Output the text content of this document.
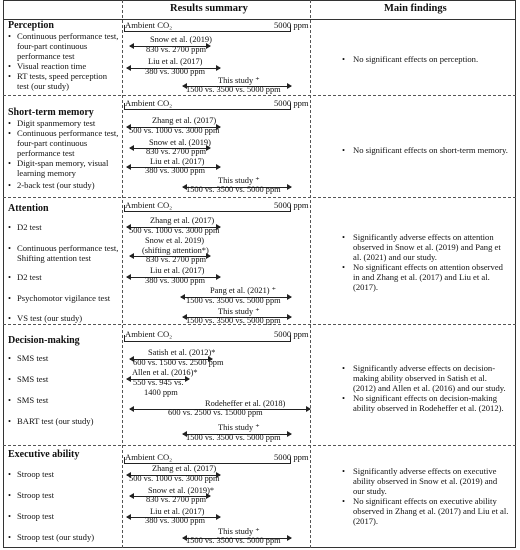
Results summary	Main findings
Perception
• Continuous performance test, four-part continuous performance test
• Visual reaction time
• RT tests, speed perception test (our study)
Ambient CO₂	5000 ppm
Snow et al. (2019)
830 vs. 2700 ppm
Liu et al. (2017)
380 vs. 3000 ppm
This study ⁺
1500 vs. 3500 vs. 5000 ppm
• No significant effects on perception.
Short-term memory
• Digit spanmemory test
• Continuous performance test, four-part continuous performance test
• Digit-span memory, visual learning memory
• 2-back test (our study)
Ambient CO₂	5000 ppm
Zhang et al. (2017)
500 vs. 1000 vs. 3000 ppm
Snow et al. (2019)
830 vs. 2700 ppm
Liu et al. (2017)
380 vs. 3000 ppm
This study ⁺
1500 vs. 3500 vs. 5000 ppm
• No significant effects on short-term memory.
Attention
• D2 test
• Continuous performance test, Shifting attention test
• D2 test
• Psychomotor vigilance test
• VS test (our study)
Ambient CO₂	5000 ppm
Zhang et al. (2017)
500 vs. 1000 vs. 3000 ppm
Snow et al. 2019)
(shifting attention*)
830 vs. 2700 ppm
Liu et al. (2017)
380 vs. 3000 ppm
Pang et al. (2021) ⁺
1500 vs. 3500 vs. 5000 ppm
This study ⁺
1500 vs. 3500 vs. 5000 ppm
• Significantly adverse effects on attention observed in Snow et al. (2019) and Pang et al. (2021) and our study.
• No significant effects on attention observed in and Zhang et al. (2017) and Liu et al. (2017).
Decision-making
• SMS test
• SMS test
• SMS test
• BART test (our study)
Ambient CO₂	5000 ppm
Satish et al. (2012)*
600 vs. 1500 vs. 2500 ppm
Allen et al. (2016)*
550 vs. 945 vs.
1400 ppm
Rodeheffer et al. (2018)
600 vs. 2500 vs. 15000 ppm
This study ⁺
1500 vs. 3500 vs. 5000 ppm
• Significantly adverse effects on decision-making ability observed in Satish et al. (2012) and Allen et al. (2016) and our study.
• No significant effects on decision-making ability observed in Rodeheffer et al. (2012).
Executive ability
• Stroop test
• Stroop test
• Stroop test
• Stroop test (our study)
Ambient CO₂	5000 ppm
Zhang et al. (2017)
500 vs. 1000 vs. 3000 ppm
Snow et al. (2019)*
830 vs. 2700 ppm
Liu et al. (2017)
380 vs. 3000 ppm
This study ⁺
1500 vs. 3500 vs. 5000 ppm
• Significantly adverse effects on executive ability observed in Snow et al. (2019) and our study.
• No significant effects on executive ability observed in Zhang et al. (2017) and Liu et al. (2017).
